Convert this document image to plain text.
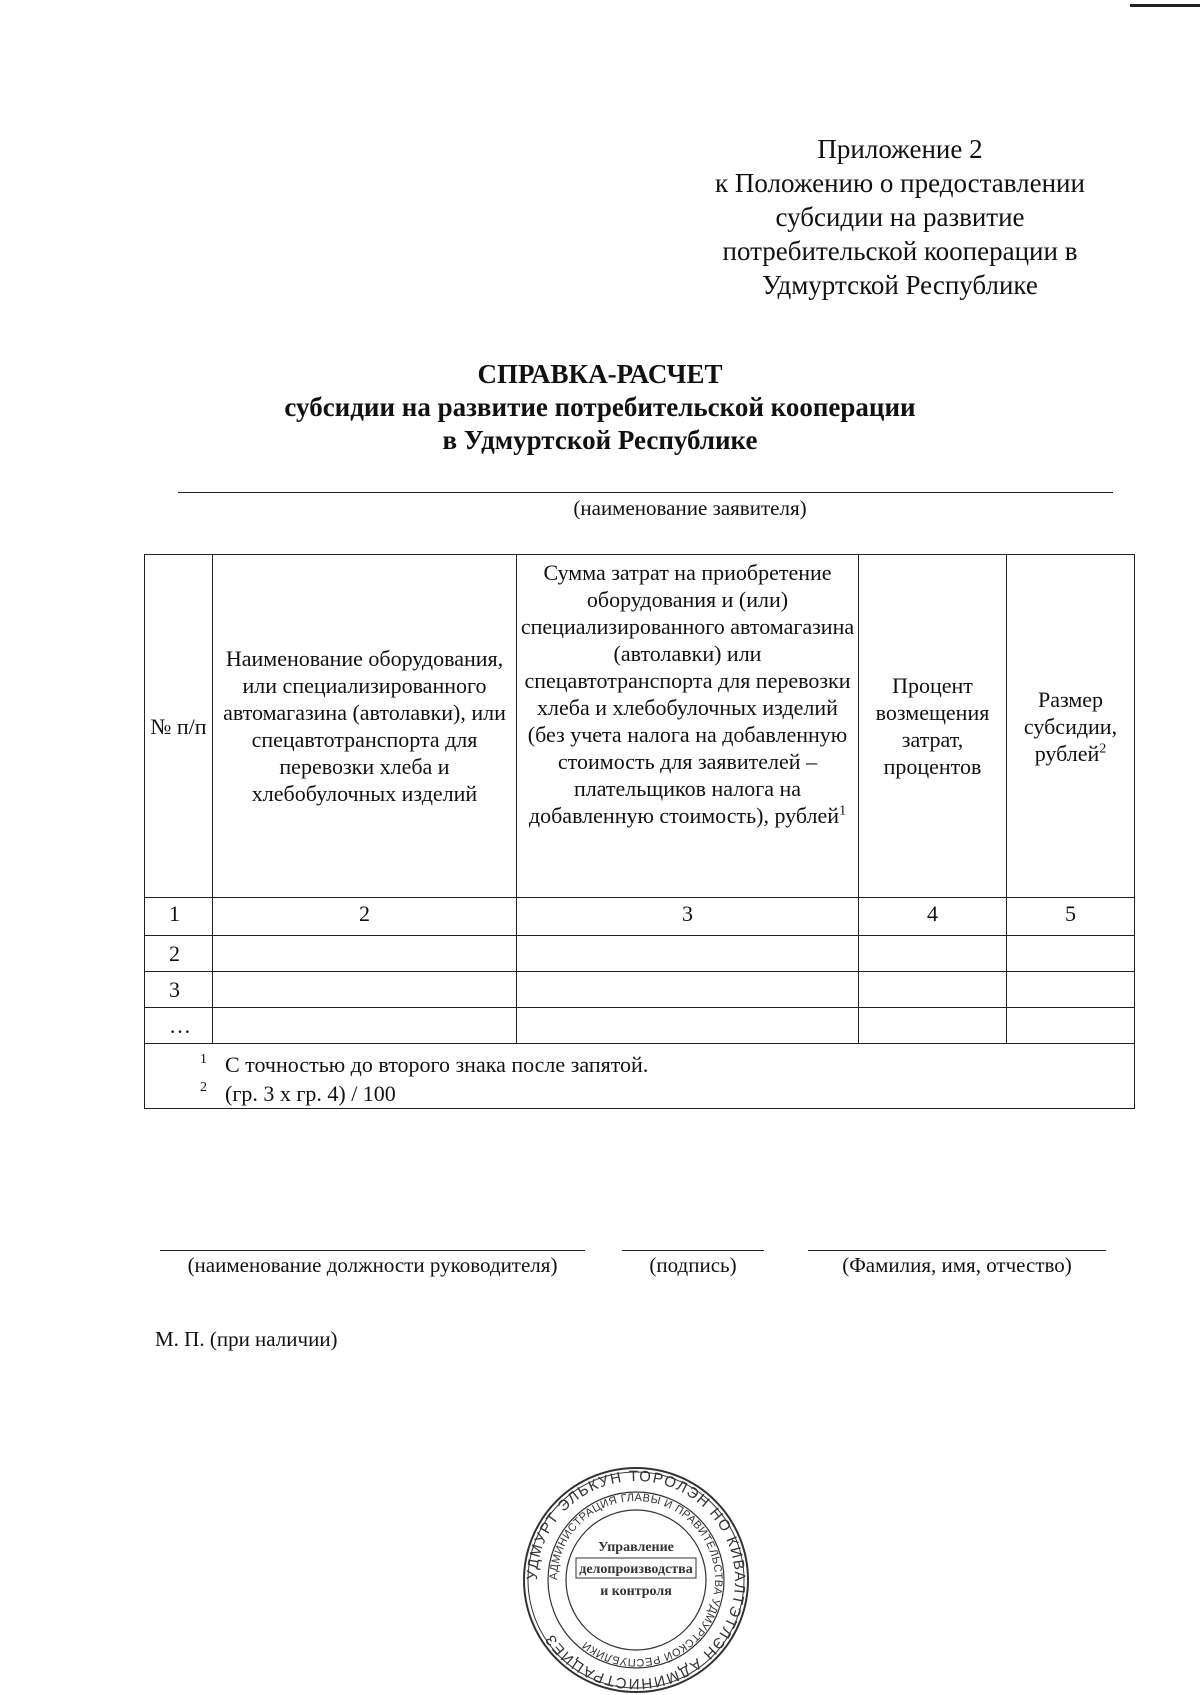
Приложение 2
к Положению о предоставлении
субсидии на развитие
потребительской кооперации в
Удмуртской Республике
СПРАВКА-РАСЧЕТ
субсидии на развитие потребительской кооперации
в Удмуртской Республике
(наименование заявителя)
№ п/п	Наименование оборудования, или специализированного автомагазина (автолавки), или спецавтотранспорта для перевозки хлеба и хлебобулочных изделий	Сумма затрат на приобретение оборудования и (или) специализированного автомагазина (автолавки) или спецавтотранспорта для перевозки хлеба и хлебобулочных изделий (без учета налога на добавленную стоимость для заявителей – плательщиков налога на добавленную стоимость), рублей$^1$	Процент возмещения затрат, процентов	Размер субсидии, рублей$^2$
1	2	3	4	5
2				
3				
…				

1 С точностью до второго знака после запятой.
2 (гр. 3 х гр. 4) / 100				
(наименование должности руководителя)	(подпись)	(Фамилия, имя, отчество)
М. П. (при наличии)
УДМУРТ ЭЛЬКУН ТОРОЛЭН НО КИВАЛТЭТЛЭН АДМИНИСТРАЦИЕЗ
АДМИНИСТРАЦИЯ ГЛАВЫ И ПРАВИТЕЛЬСТВА УДМУРТСКОЙ РЕСПУБЛИКИ
Управление
делопроизводства
и контроля
